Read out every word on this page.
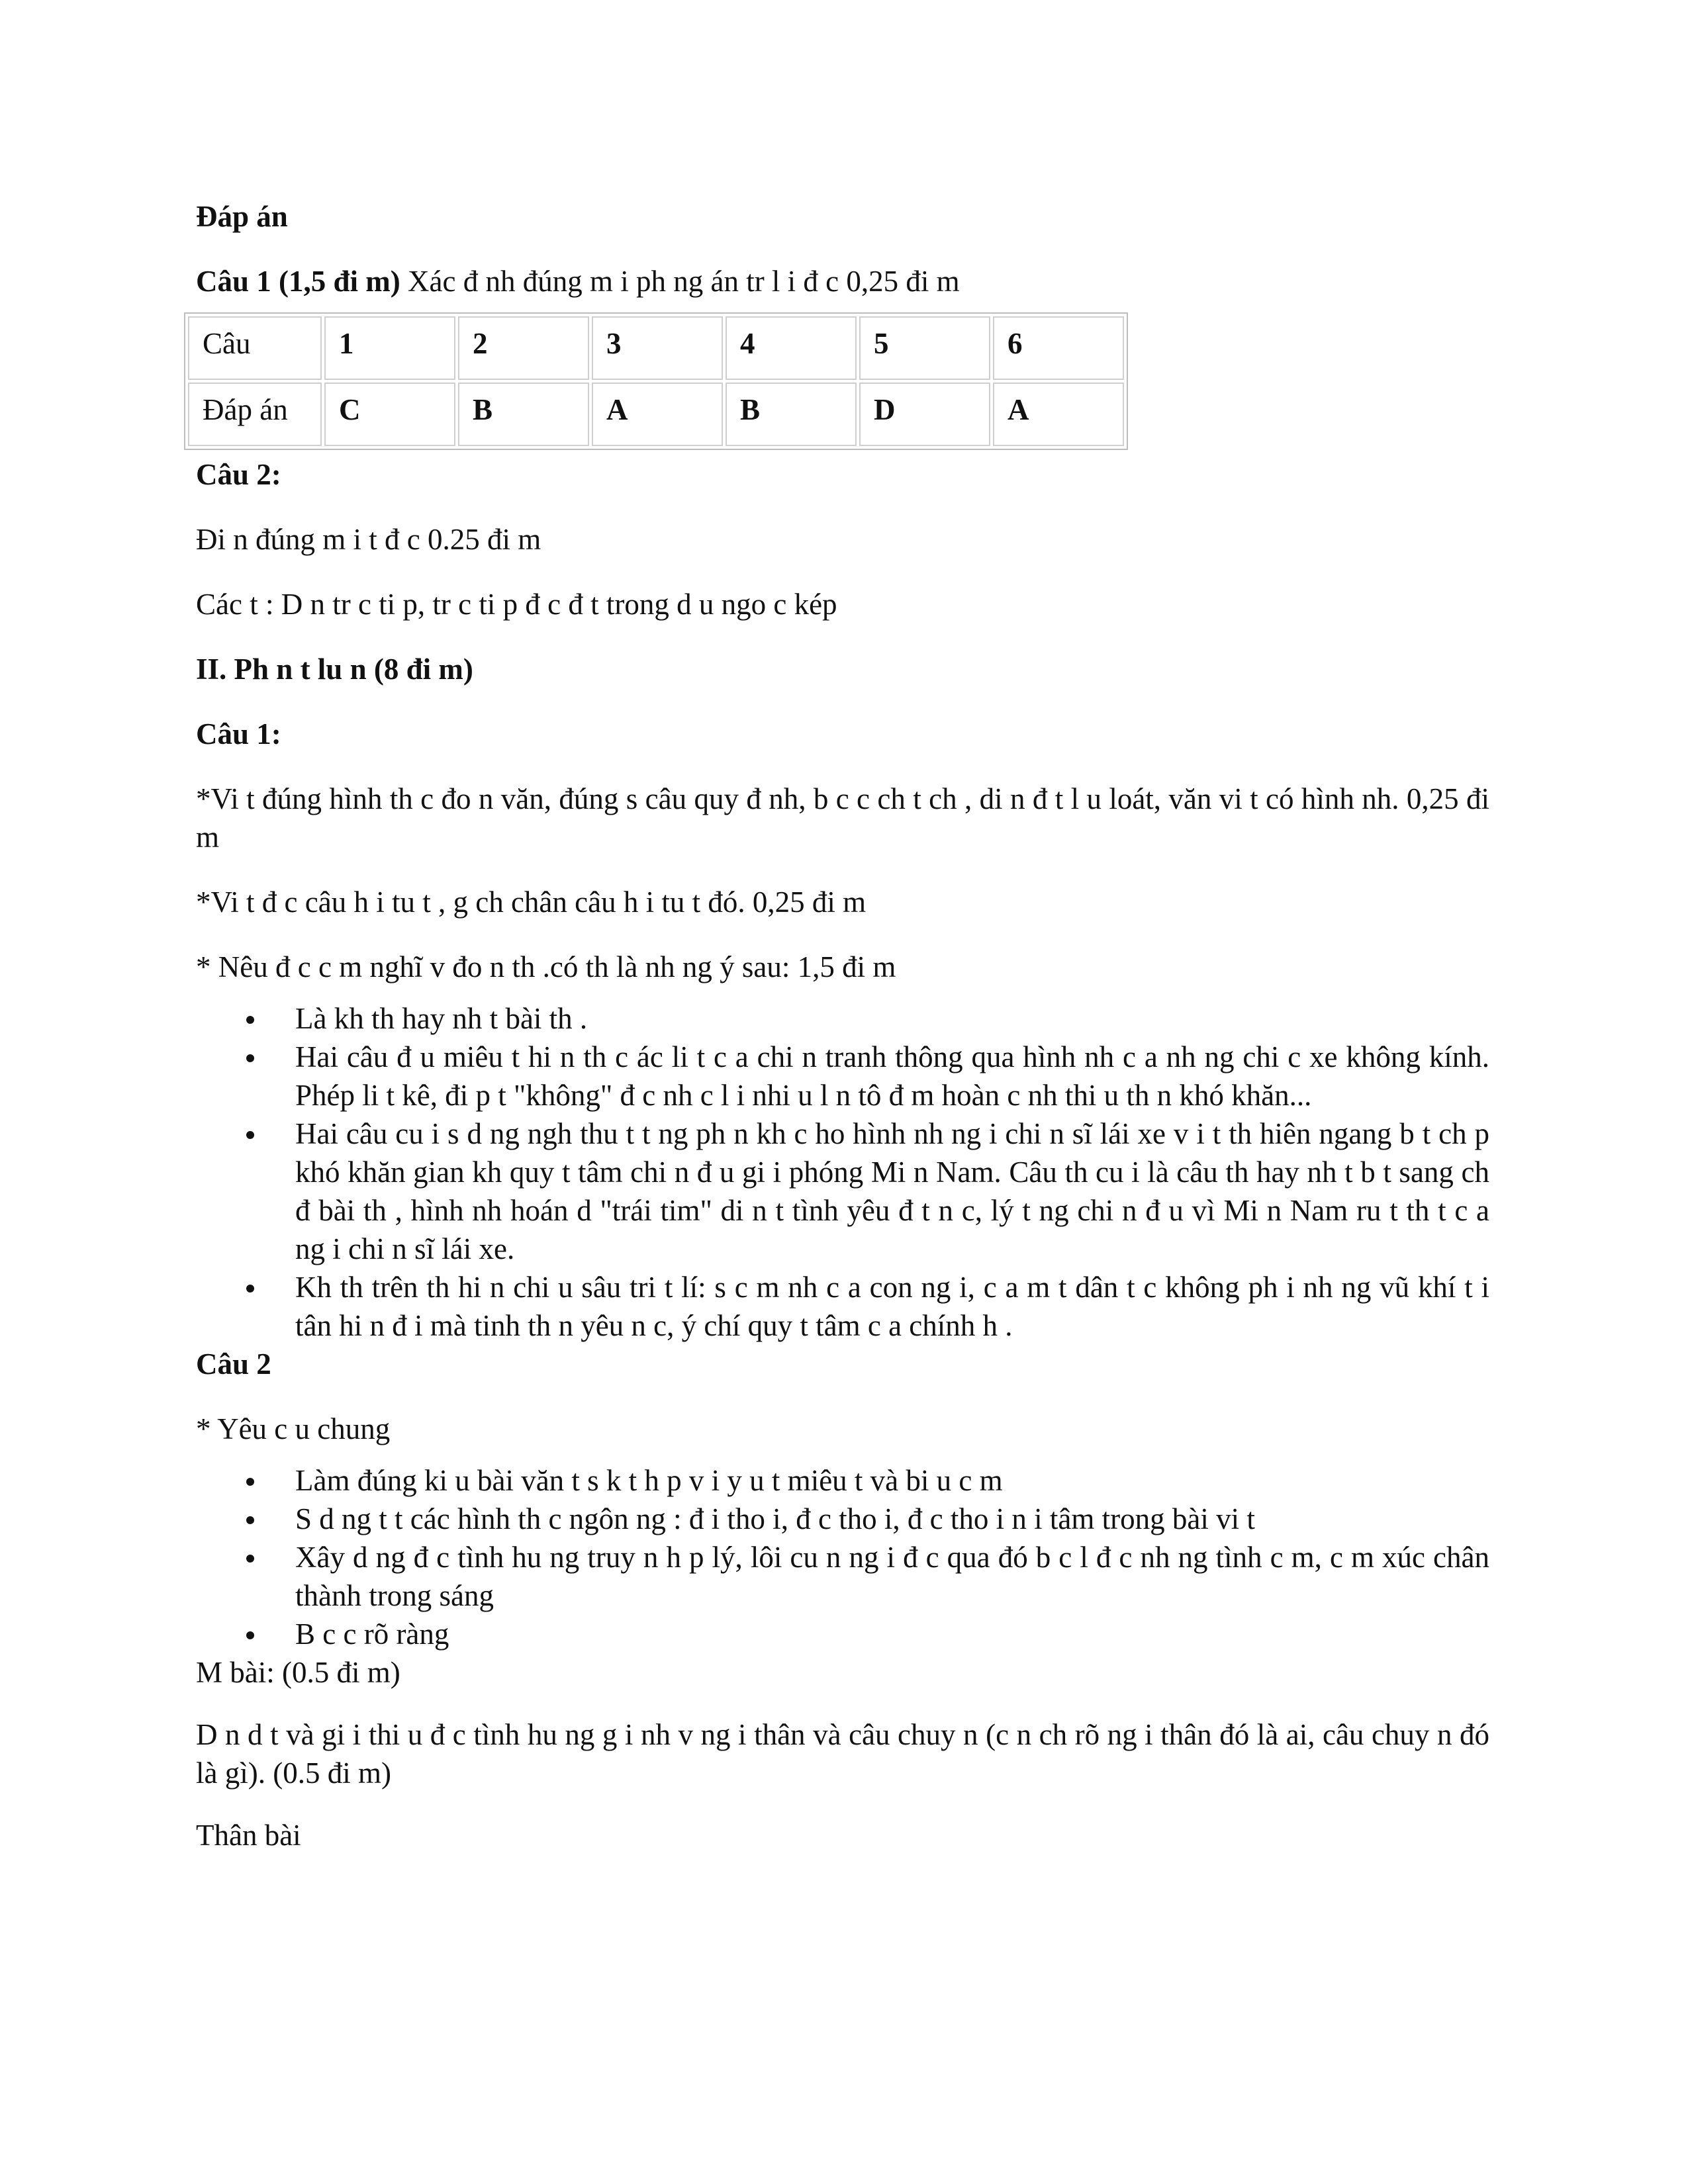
Đáp án

Câu 1 (1,5 đi m) Xác đ nh đúng m i ph ng án tr l i đ c 0,25 đi m

Câu	1	2	3	4	5	6
Đáp án	C	B	A	B	D	A

Câu 2:

Đi n đúng m i t đ c 0.25 đi m

Các t : D n tr c ti p, tr c ti p đ c đ t trong d u ngo c kép

II. Ph n t lu n (8 đi m)

Câu 1:

*Vi t đúng hình th c đo n văn, đúng s câu quy đ nh, b c c ch t ch , di n đ t l u loát, văn vi t có hình nh. 0,25 đi m

*Vi t đ c câu h i tu t , g ch chân câu h i tu t đó. 0,25 đi m

* Nêu đ c c m nghĩ v đo n th .có th là nh ng ý sau: 1,5 đi m

Là kh th hay nh t bài th .
Hai câu đ u miêu t hi n th c ác li t c a chi n tranh thông qua hình nh c a nh ng chi c xe không kính. Phép li t kê, đi p t "không" đ c nh c l i nhi u l n tô đ m hoàn c nh thi u th n khó khăn...
Hai câu cu i s d ng ngh thu t t ng ph n kh c ho hình nh ng i chi n sĩ lái xe v i t th hiên ngang b t ch p khó khăn gian kh quy t tâm chi n đ u gi i phóng Mi n Nam. Câu th cu i là câu th hay nh t b t sang ch đ bài th , hình nh hoán d "trái tim" di n t tình yêu đ t n c, lý t ng chi n đ u vì Mi n Nam ru t th t c a ng i chi n sĩ lái xe.
Kh th trên th hi n chi u sâu tri t lí: s c m nh c a con ng i, c a m t dân t c không ph i nh ng vũ khí t i tân hi n đ i mà tinh th n yêu n c, ý chí quy t tâm c a chính h .

Câu 2

* Yêu c u chung

Làm đúng ki u bài văn t s k t h p v i y u t miêu t và bi u c m
S d ng t t các hình th c ngôn ng : đ i tho i, đ c tho i, đ c tho i n i tâm trong bài vi t
Xây d ng đ c tình hu ng truy n h p lý, lôi cu n ng i đ c qua đó b c l đ c nh ng tình c m, c m xúc chân thành trong sáng
B c c rõ ràng

M bài: (0.5 đi m)

D n d t và gi i thi u đ c tình hu ng g i nh v ng i thân và câu chuy n (c n ch rõ ng i thân đó là ai, câu chuy n đó là gì). (0.5 đi m)

Thân bài
